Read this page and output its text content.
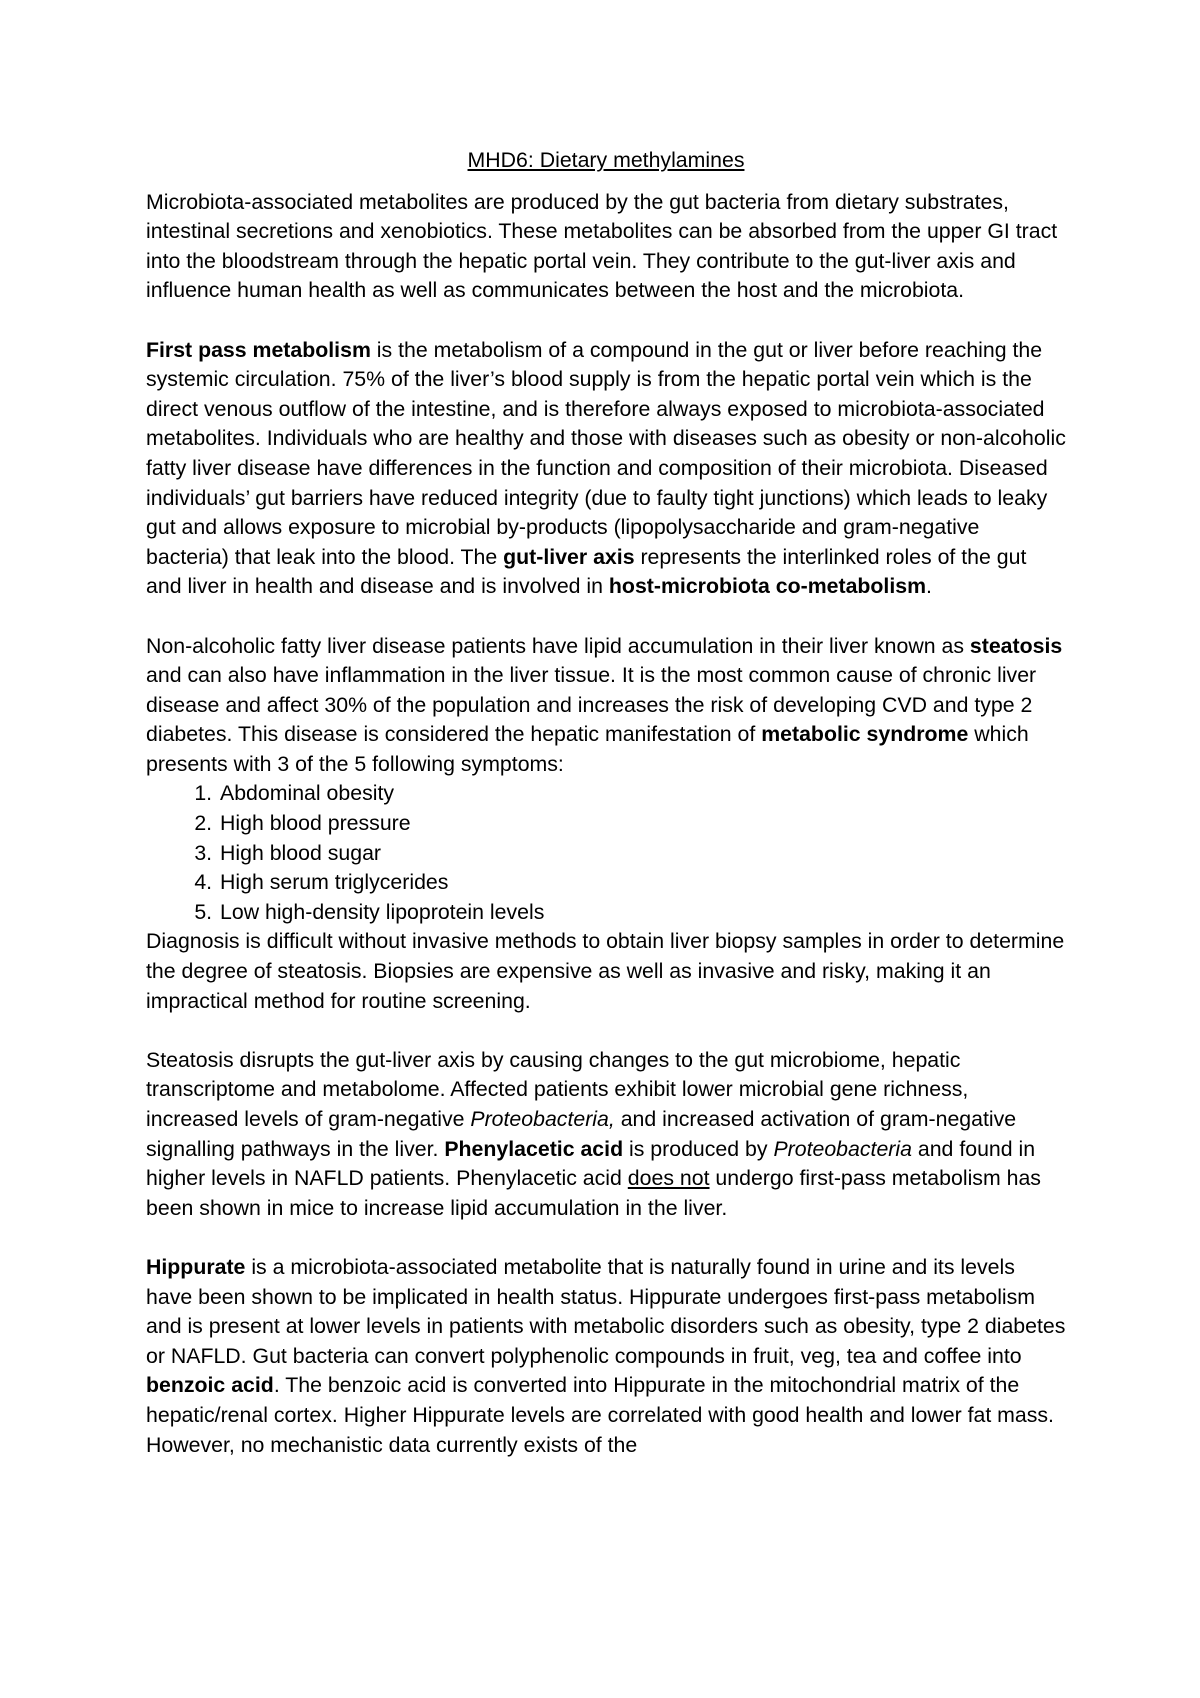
MHD6: Dietary methylamines

Microbiota-associated metabolites are produced by the gut bacteria from dietary substrates, intestinal secretions and xenobiotics. These metabolites can be absorbed from the upper GI tract into the bloodstream through the hepatic portal vein. They contribute to the gut-liver axis and influence human health as well as communicates between the host and the microbiota.

First pass metabolism is the metabolism of a compound in the gut or liver before reaching the systemic circulation. 75% of the liver’s blood supply is from the hepatic portal vein which is the direct venous outflow of the intestine, and is therefore always exposed to microbiota-associated metabolites. Individuals who are healthy and those with diseases such as obesity or non-alcoholic fatty liver disease have differences in the function and composition of their microbiota. Diseased individuals’ gut barriers have reduced integrity (due to faulty tight junctions) which leads to leaky gut and allows exposure to microbial by-products (lipopolysaccharide and gram-negative bacteria) that leak into the blood. The gut-liver axis represents the interlinked roles of the gut and liver in health and disease and is involved in host-microbiota co-metabolism.

Non-alcoholic fatty liver disease patients have lipid accumulation in their liver known as steatosis and can also have inflammation in the liver tissue. It is the most common cause of chronic liver disease and affect 30% of the population and increases the risk of developing CVD and type 2 diabetes. This disease is considered the hepatic manifestation of metabolic syndrome which presents with 3 of the 5 following symptoms:

1. Abdominal obesity
2. High blood pressure
3. High blood sugar
4. High serum triglycerides
5. Low high-density lipoprotein levels

Diagnosis is difficult without invasive methods to obtain liver biopsy samples in order to determine the degree of steatosis. Biopsies are expensive as well as invasive and risky, making it an impractical method for routine screening.

Steatosis disrupts the gut-liver axis by causing changes to the gut microbiome, hepatic transcriptome and metabolome. Affected patients exhibit lower microbial gene richness, increased levels of gram-negative Proteobacteria, and increased activation of gram-negative signalling pathways in the liver. Phenylacetic acid is produced by Proteobacteria and found in higher levels in NAFLD patients. Phenylacetic acid does not undergo first-pass metabolism has been shown in mice to increase lipid accumulation in the liver.

Hippurate is a microbiota-associated metabolite that is naturally found in urine and its levels have been shown to be implicated in health status. Hippurate undergoes first-pass metabolism and is present at lower levels in patients with metabolic disorders such as obesity, type 2 diabetes or NAFLD. Gut bacteria can convert polyphenolic compounds in fruit, veg, tea and coffee into benzoic acid. The benzoic acid is converted into Hippurate in the mitochondrial matrix of the hepatic/renal cortex. Higher Hippurate levels are correlated with good health and lower fat mass. However, no mechanistic data currently exists of the
